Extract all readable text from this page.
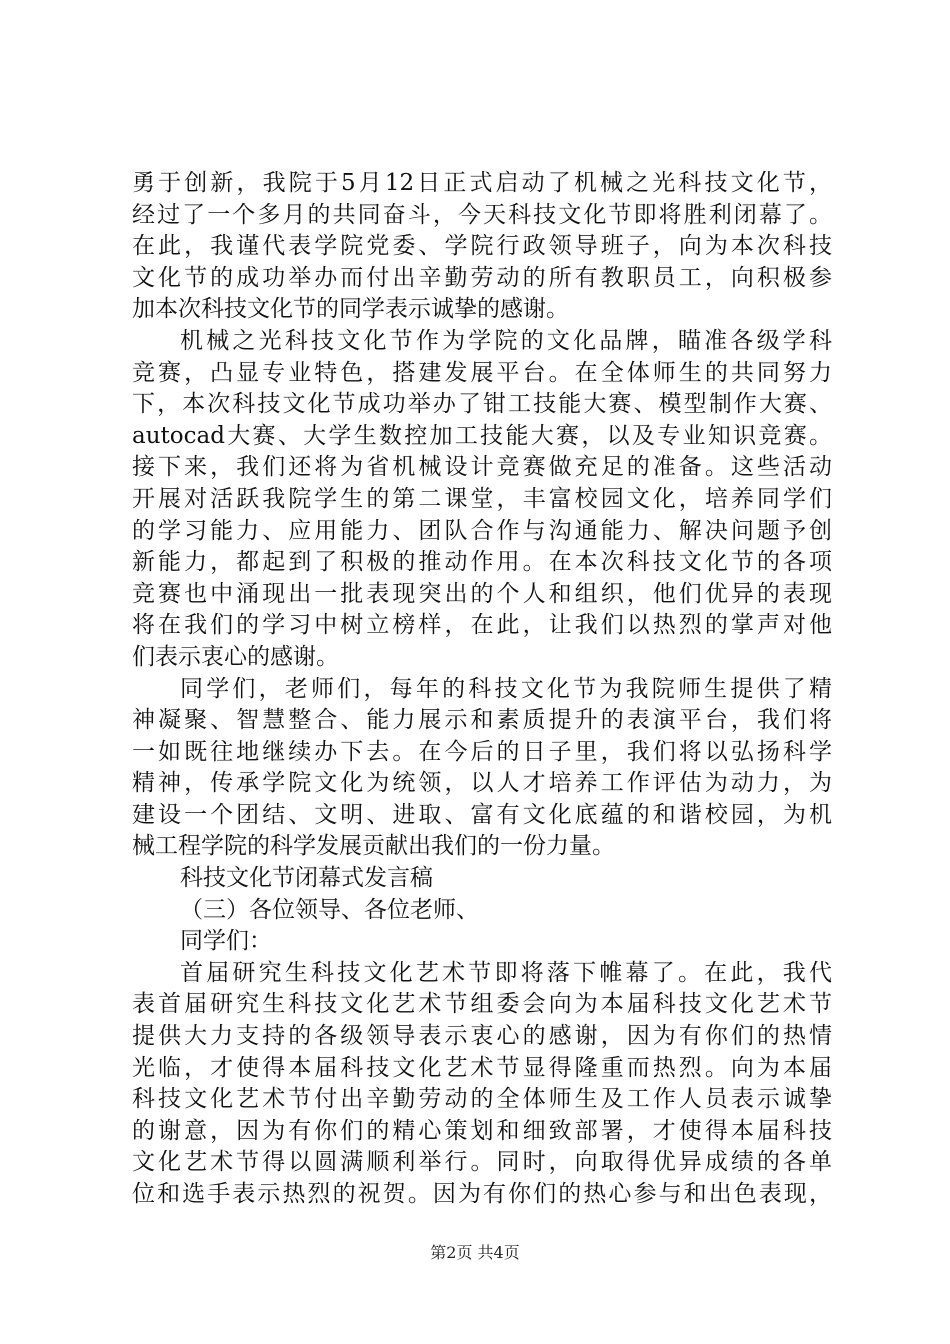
勇于创新，我院于5月12日正式启动了机械之光科技文化节，
经过了一个多月的共同奋斗，今天科技文化节即将胜利闭幕了。
在此，我谨代表学院党委、学院行政领导班子，向为本次科技
文化节的成功举办而付出辛勤劳动的所有教职员工，向积极参
加本次科技文化节的同学表示诚挚的感谢。
机械之光科技文化节作为学院的文化品牌，瞄准各级学科
竞赛，凸显专业特色，搭建发展平台。在全体师生的共同努力
下，本次科技文化节成功举办了钳工技能大赛、模型制作大赛、
autocad大赛、大学生数控加工技能大赛，以及专业知识竞赛。
接下来，我们还将为省机械设计竞赛做充足的准备。这些活动
开展对活跃我院学生的第二课堂，丰富校园文化，培养同学们
的学习能力、应用能力、团队合作与沟通能力、解决问题予创
新能力，都起到了积极的推动作用。在本次科技文化节的各项
竞赛也中涌现出一批表现突出的个人和组织，他们优异的表现
将在我们的学习中树立榜样，在此，让我们以热烈的掌声对他
们表示衷心的感谢。
同学们，老师们，每年的科技文化节为我院师生提供了精
神凝聚、智慧整合、能力展示和素质提升的表演平台，我们将
一如既往地继续办下去。在今后的日子里，我们将以弘扬科学
精神，传承学院文化为统领，以人才培养工作评估为动力，为
建设一个团结、文明、进取、富有文化底蕴的和谐校园，为机
械工程学院的科学发展贡献出我们的一份力量。
科技文化节闭幕式发言稿
（三）各位领导、各位老师、
同学们：
首届研究生科技文化艺术节即将落下帷幕了。在此，我代
表首届研究生科技文化艺术节组委会向为本届科技文化艺术节
提供大力支持的各级领导表示衷心的感谢，因为有你们的热情
光临，才使得本届科技文化艺术节显得隆重而热烈。向为本届
科技文化艺术节付出辛勤劳动的全体师生及工作人员表示诚挚
的谢意，因为有你们的精心策划和细致部署，才使得本届科技
文化艺术节得以圆满顺利举行。同时，向取得优异成绩的各单
位和选手表示热烈的祝贺。因为有你们的热心参与和出色表现，
第2页 共4页
